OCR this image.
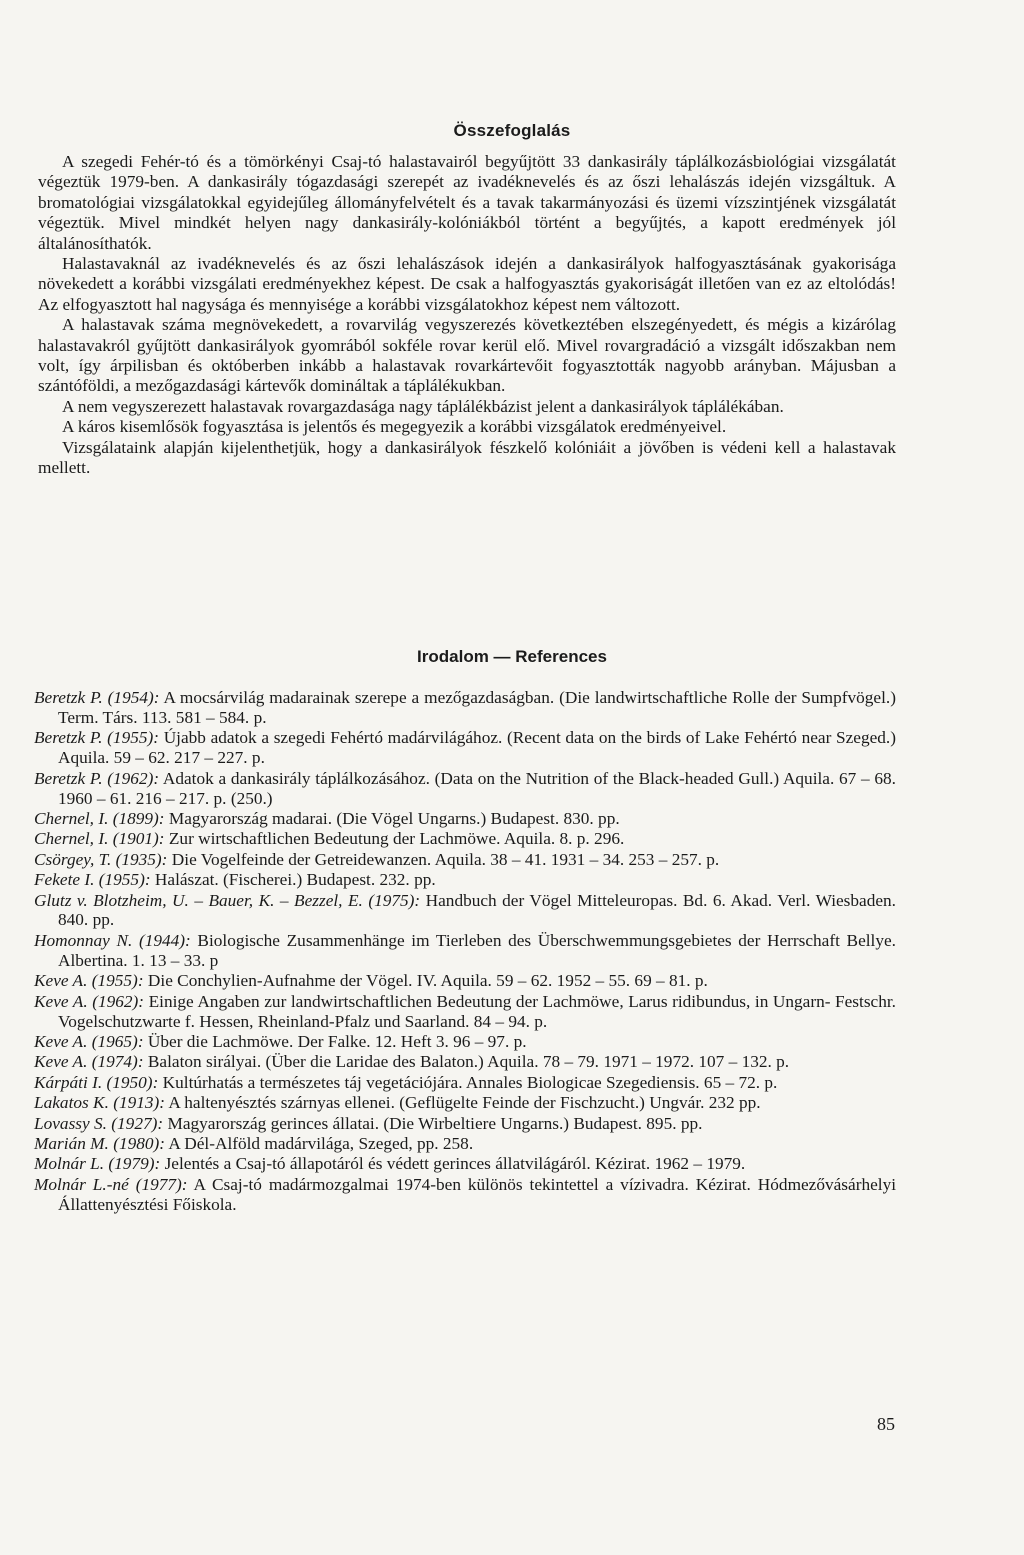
Összefoglalás

A szegedi Fehér-tó és a tömörkényi Csaj-tó halastavairól begyűjtött 33 dankasirály táplálkozásbiológiai vizsgálatát végeztük 1979-ben. A dankasirály tógazdasági szerepét az ivadéknevelés és az őszi lehalászás idején vizsgáltuk. A bromatológiai vizsgálatokkal egyidejűleg állományfelvételt és a tavak takarmányozási és üzemi vízszintjének vizsgálatát végeztük. Mivel mindkét helyen nagy dankasirály-kolóniákból történt a begyűjtés, a kapott eredmények jól általánosíthatók.

Halastavaknál az ivadéknevelés és az őszi lehalászások idején a dankasirályok halfogyasztásának gyakorisága növekedett a korábbi vizsgálati eredményekhez képest. De csak a halfogyasztás gyakoriságát illetően van ez az eltolódás! Az elfogyasztott hal nagysága és mennyisége a korábbi vizsgálatokhoz képest nem változott.

A halastavak száma megnövekedett, a rovarvilág vegyszerezés következtében elszegényedett, és mégis a kizárólag halastavakról gyűjtött dankasirályok gyomrából sokféle rovar kerül elő. Mivel rovargradáció a vizsgált időszakban nem volt, így árpilisban és októberben inkább a halastavak rovarkártevőit fogyasztották nagyobb arányban. Májusban a szántóföldi, a mezőgazdasági kártevők domináltak a táplálékukban.

A nem vegyszerezett halastavak rovargazdasága nagy táplálékbázist jelent a dankasirályok táplálékában.

A káros kisemlősök fogyasztása is jelentős és megegyezik a korábbi vizsgálatok eredményeivel.

Vizsgálataink alapján kijelenthetjük, hogy a dankasirályok fészkelő kolóniáit a jövőben is védeni kell a halastavak mellett.

Irodalom — References

Beretzk P. (1954): A mocsárvilág madarainak szerepe a mezőgazdaságban. (Die landwirtschaftliche Rolle der Sumpfvögel.) Term. Társ. 113. 581 – 584. p.

Beretzk P. (1955): Újabb adatok a szegedi Fehértó madárvilágához. (Recent data on the birds of Lake Fehértó near Szeged.) Aquila. 59 – 62. 217 – 227. p.

Beretzk P. (1962): Adatok a dankasirály táplálkozásához. (Data on the Nutrition of the Black-headed Gull.) Aquila. 67 – 68. 1960 – 61. 216 – 217. p. (250.)

Chernel, I. (1899): Magyarország madarai. (Die Vögel Ungarns.) Budapest. 830. pp.

Chernel, I. (1901): Zur wirtschaftlichen Bedeutung der Lachmöwe. Aquila. 8. p. 296.

Csörgey, T. (1935): Die Vogelfeinde der Getreidewanzen. Aquila. 38 – 41. 1931 – 34. 253 – 257. p.

Fekete I. (1955): Halászat. (Fischerei.) Budapest. 232. pp.

Glutz v. Blotzheim, U. – Bauer, K. – Bezzel, E. (1975): Handbuch der Vögel Mitteleuropas. Bd. 6. Akad. Verl. Wiesbaden. 840. pp.

Homonnay N. (1944): Biologische Zusammenhänge im Tierleben des Überschwemmungsgebietes der Herrschaft Bellye. Albertina. 1. 13 – 33. p

Keve A. (1955): Die Conchylien-Aufnahme der Vögel. IV. Aquila. 59 – 62. 1952 – 55. 69 – 81. p.

Keve A. (1962): Einige Angaben zur landwirtschaftlichen Bedeutung der Lachmöwe, Larus ridibundus, in Ungarn- Festschr. Vogelschutzwarte f. Hessen, Rheinland-Pfalz und Saarland. 84 – 94. p.

Keve A. (1965): Über die Lachmöwe. Der Falke. 12. Heft 3. 96 – 97. p.

Keve A. (1974): Balaton sirályai. (Über die Laridae des Balaton.) Aquila. 78 – 79. 1971 – 1972. 107 – 132. p.

Kárpáti I. (1950): Kultúrhatás a természetes táj vegetációjára. Annales Biologicae Szegediensis. 65 – 72. p.

Lakatos K. (1913): A haltenyésztés szárnyas ellenei. (Geflügelte Feinde der Fischzucht.) Ungvár. 232 pp.

Lovassy S. (1927): Magyarország gerinces állatai. (Die Wirbeltiere Ungarns.) Budapest. 895. pp.

Marián M. (1980): A Dél-Alföld madárvilága, Szeged, pp. 258.

Molnár L. (1979): Jelentés a Csaj-tó állapotáról és védett gerinces állatvilágáról. Kézirat. 1962 – 1979.

Molnár L.-né (1977): A Csaj-tó madármozgalmai 1974-ben különös tekintettel a vízivadra. Kézirat. Hódmezővásárhelyi Állattenyésztési Főiskola.

85
